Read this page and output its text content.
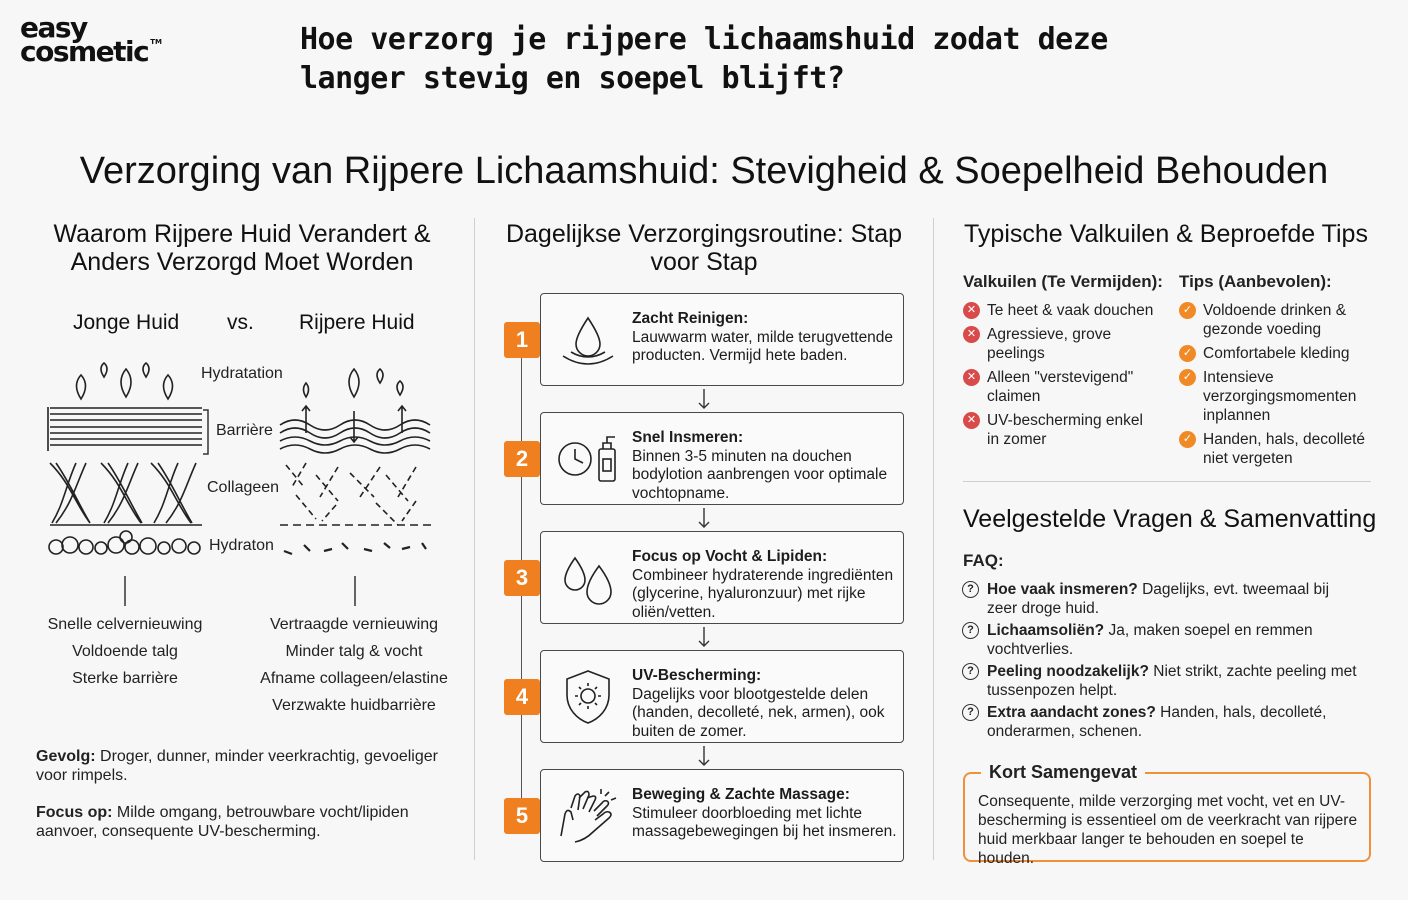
easy
cosmetic ™	Hoe verzorg je rijpere lichaamshuid zodat deze langer stevig en soepel blijft?
Verzorging van Rijpere Lichaamshuid: Stevigheid & Soepelheid Behouden
Waarom Rijpere Huid Verandert & Anders Verzorgd Moet Worden
Jonge Huid vs. Rijpere Huid
Hydratation
Barrière
Collageen
Hydraton
Snelle celvernieuwing
Voldoende talg
Sterke barrière
Vertraagde vernieuwing
Minder talg & vocht
Afname collageen/elastine
Verzwakte huidbarrière
Gevolg: Droger, dunner, minder veerkrachtig, gevoeliger voor rimpels.
Focus op: Milde omgang, betrouwbare vocht/lipiden aanvoer, consequente UV-bescherming.
Dagelijkse Verzorgingsroutine: Stap voor Stap
1
Zacht Reinigen:
Lauwwarm water, milde terugvettende producten. Vermijd hete baden.
2
Snel Insmeren:
Binnen 3-5 minuten na douchen bodylotion aanbrengen voor optimale vochtopname.
3
Focus op Vocht & Lipiden:
Combineer hydraterende ingrediënten (glycerine, hyaluronzuur) met rijke oliën/vetten.
4
UV-Bescherming:
Dagelijks voor blootgestelde delen (handen, decolleté, nek, armen), ook buiten de zomer.
5
Beweging & Zachte Massage:
Stimuleer doorbloeding met lichte massagebewegingen bij het insmeren.
Typische Valkuilen & Beproefde Tips
Valkuilen (Te Vermijden):
✕ Te heet & vaak douchen
✕ Agressieve, grove peelings
✕ Alleen "verstevigend" claimen
✕ UV-bescherming enkel in zomer
Tips (Aanbevolen):
✓ Voldoende drinken & gezonde voeding
✓ Comfortabele kleding
✓ Intensieve verzorgingsmomenten inplannen
✓ Handen, hals, decolleté niet vergeten
Veelgestelde Vragen & Samenvatting
FAQ:
? Hoe vaak insmeren? Dagelijks, evt. tweemaal bij zeer droge huid.
? Lichaamsoliën? Ja, maken soepel en remmen vochtverlies.
? Peeling noodzakelijk? Niet strikt, zachte peeling met tussenpozen helpt.
? Extra aandacht zones? Handen, hals, decolleté, onderarmen, schenen.
Kort Samengevat
Consequente, milde verzorging met vocht, vet en UV-bescherming is essentieel om de veerkracht van rijpere huid merkbaar langer te behouden en soepel te houden.
